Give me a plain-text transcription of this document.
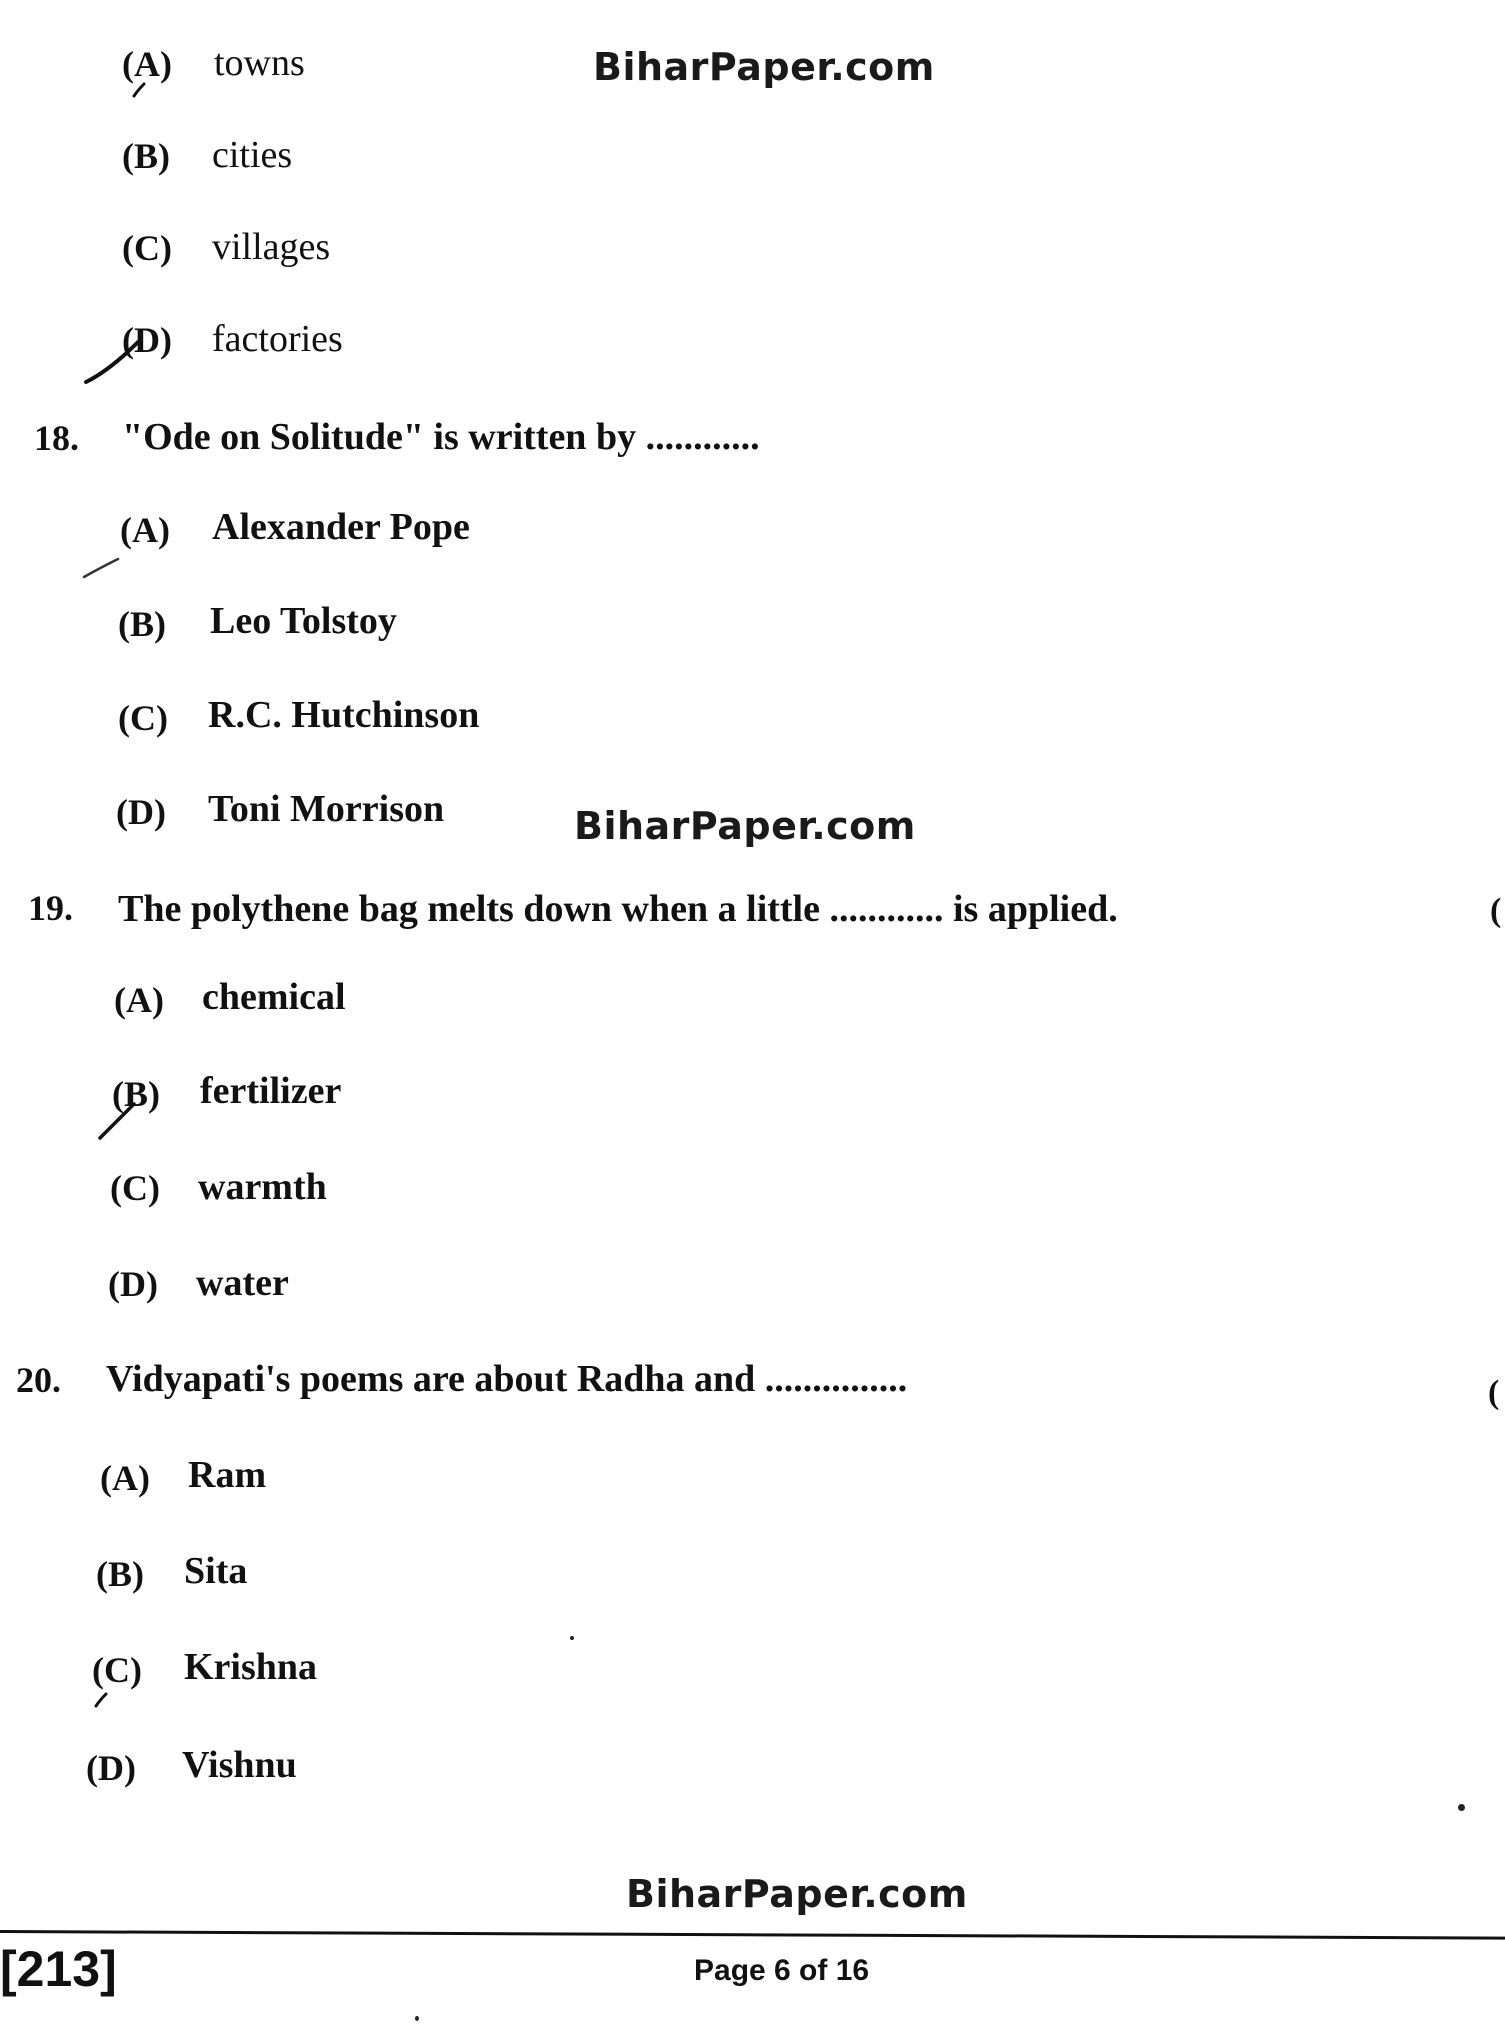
BiharPaper.com
BiharPaper.com
BiharPaper.com
(A) towns
(B) cities
(C) villages
(D) factories
18. "Ode on Solitude" is written by ............
(A) Alexander Pope
(B) Leo Tolstoy
(C) R.C. Hutchinson
(D) Toni Morrison
19. The polythene bag melts down when a little ............ is applied.
(A) chemical
(B) fertilizer
(C) warmth
(D) water
20. Vidyapati's poems are about Radha and ...............
(A) Ram
(B) Sita
(C) Krishna
(D) Vishnu
(
(
[213]	Page 6 of 16
